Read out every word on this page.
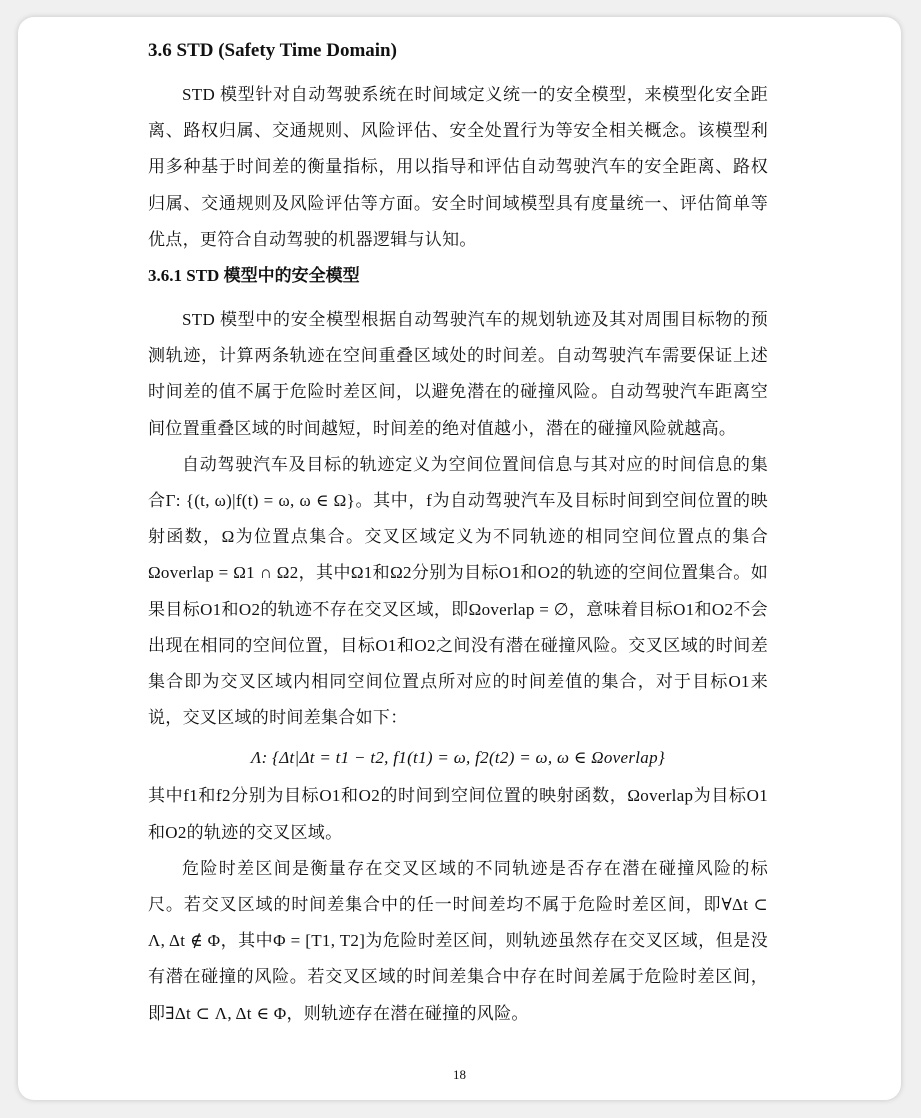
3.6 STD (Safety Time Domain)

STD 模型针对自动驾驶系统在时间域定义统一的安全模型，来模型化安全距离、路权归属、交通规则、风险评估、安全处置行为等安全相关概念。该模型利用多种基于时间差的衡量指标，用以指导和评估自动驾驶汽车的安全距离、路权归属、交通规则及风险评估等方面。安全时间域模型具有度量统一、评估简单等优点，更符合自动驾驶的机器逻辑与认知。

3.6.1 STD 模型中的安全模型

STD 模型中的安全模型根据自动驾驶汽车的规划轨迹及其对周围目标物的预测轨迹，计算两条轨迹在空间重叠区域处的时间差。自动驾驶汽车需要保证上述时间差的值不属于危险时差区间，以避免潜在的碰撞风险。自动驾驶汽车距离空间位置重叠区域的时间越短，时间差的绝对值越小，潜在的碰撞风险就越高。

自动驾驶汽车及目标的轨迹定义为空间位置间信息与其对应的时间信息的集合Γ: {(t, ω)|f(t) = ω, ω ∈ Ω}。其中，f为自动驾驶汽车及目标时间到空间位置的映射函数，Ω为位置点集合。交叉区域定义为不同轨迹的相同空间位置点的集合Ωoverlap = Ω1 ∩ Ω2，其中Ω1和Ω2分别为目标O1和O2的轨迹的空间位置集合。如果目标O1和O2的轨迹不存在交叉区域，即Ωoverlap = ∅，意味着目标O1和O2不会出现在相同的空间位置，目标O1和O2之间没有潜在碰撞风险。交叉区域的时间差集合即为交叉区域内相同空间位置点所对应的时间差值的集合，对于目标O1来说，交叉区域的时间差集合如下：

Λ: {Δt|Δt = t1 − t2, f1(t1) = ω, f2(t2) = ω, ω ∈ Ωoverlap}

其中f1和f2分别为目标O1和O2的时间到空间位置的映射函数，Ωoverlap为目标O1和O2的轨迹的交叉区域。

危险时差区间是衡量存在交叉区域的不同轨迹是否存在潜在碰撞风险的标尺。若交叉区域的时间差集合中的任一时间差均不属于危险时差区间，即∀Δt ⊂ Λ, Δt ∉ Φ，其中Φ = [T1, T2]为危险时差区间，则轨迹虽然存在交叉区域，但是没有潜在碰撞的风险。若交叉区域的时间差集合中存在时间差属于危险时差区间，即∃Δt ⊂ Λ, Δt ∈ Φ，则轨迹存在潜在碰撞的风险。

18
